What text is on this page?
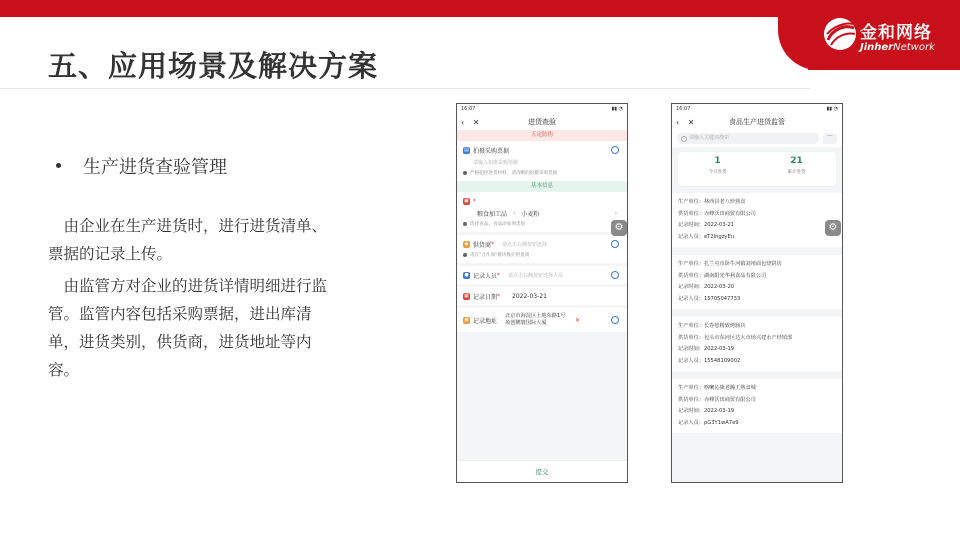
金和网络
JinherNetwork
五、应用场景及解决方案
生产进货查验管理
　由企业在生产进货时，进行进货清单、票据的记录上传。
　由监管方对企业的进货详情明细进行监管。监管内容包括采购票据，进出库清单，进货类别，供货商，进货地址等内容。
16:07	▮▮ ◔
‹ ✕	进货查验
五定防伪
▤ 拍摄采购票据
请输入拍摄采购票据
严格把控进货材料，请清晰的拍摄采购票据
基本信息
▣ *
粮食加工品 › 小麦粉	›
选择食品、食品添加剂类别
◆ 供货商 * 请点击右侧按钮选择
请在"合作商"模块维护供货商
● 记录人员 * 请点击右侧按钮选择人员
▦ 记录日期 * 2022-03-21
◉ 记录地址
北京市海淀区上地东路1号盈创鹏寰国际大厦	✕
⚙
提交
16:07	▮▮ ◔
‹ ✕	食品生产进货监管
请输入关键词搜索	···
1
今日进货
21
累计进货
生产单位：林西县老八珍熟食
供货单位：赤峰沃田商贸有限公司
记录时间：2022-03-21
记录人员：eT2IngzyEu
生产单位：扎兰屯市卧牛河镇刘靖面包烧饼坊
供货单位：湖南阳光华利食品有限公司
记录时间：2022-03-20
记录人员：15705047733
生产单位：长春恩精致烤肠店
供货单位：包头市东河区达大市场兴建水产经销部
记录时间：2022-03-19
记录人员：15548109002
生产单位：喀喇沁旗老瀚王熟食城
供货单位：赤峰沃田商贸有限公司
记录时间：2022-03-19
记录人员：pG3Y1wA7e9
⚙
